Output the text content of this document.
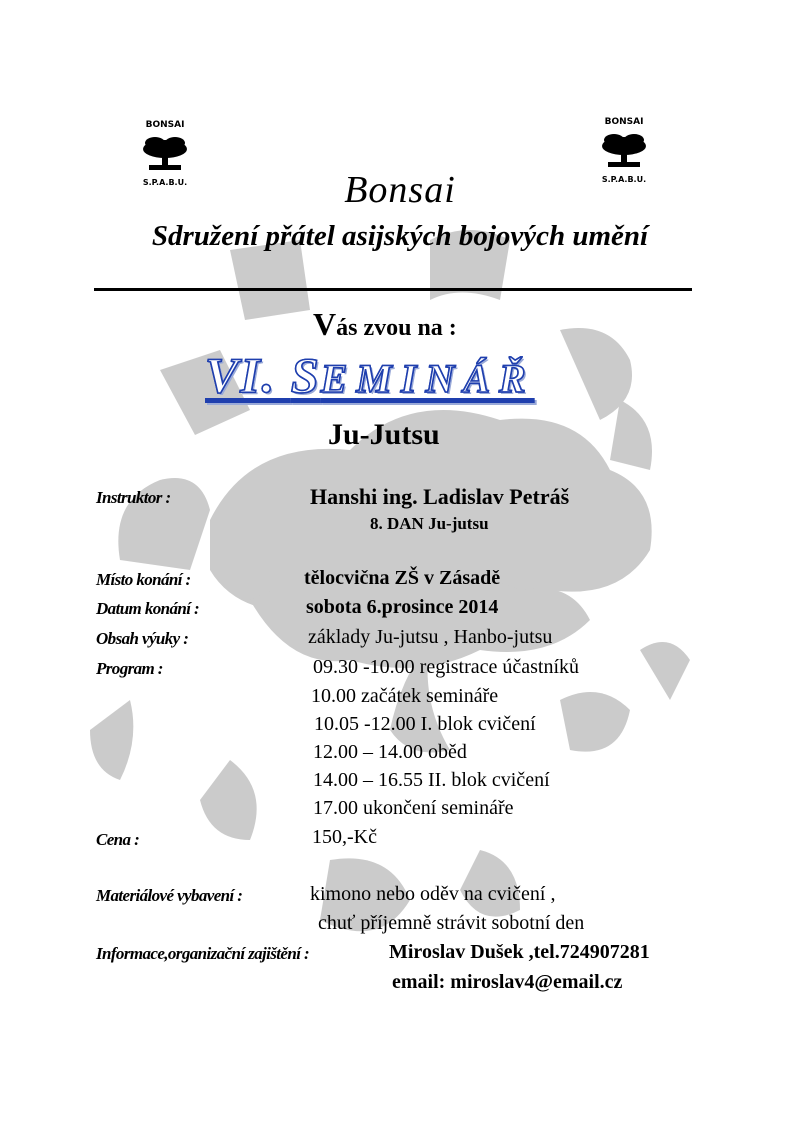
BONSAI
S.P.A.B.U.
BONSAI
S.P.A.B.U.
Bonsai
Sdružení přátel asijských bojových umění
Vás zvou na :
VI. SEMINÁŘ
Ju-Jutsu
Instruktor :	Hanshi ing. Ladislav Petráš
8. DAN Ju-jutsu
Místo konání :	tělocvična ZŠ v Zásadě
Datum konání :	sobota 6.prosince 2014
Obsah výuky :	základy Ju-jutsu , Hanbo-jutsu
Program :	09.30 -10.00 registrace účastníků
10.00 začátek semináře
10.05 -12.00 I. blok cvičení
12.00 – 14.00 oběd
14.00 – 16.55 II. blok cvičení
17.00 ukončení semináře
Cena :	150,-Kč
Materiálové vybavení :	kimono nebo oděv na cvičení ,
chuť příjemně strávit sobotní den
Informace,organizační zajištění :	Miroslav Dušek ,tel.724907281
email: miroslav4@email.cz
